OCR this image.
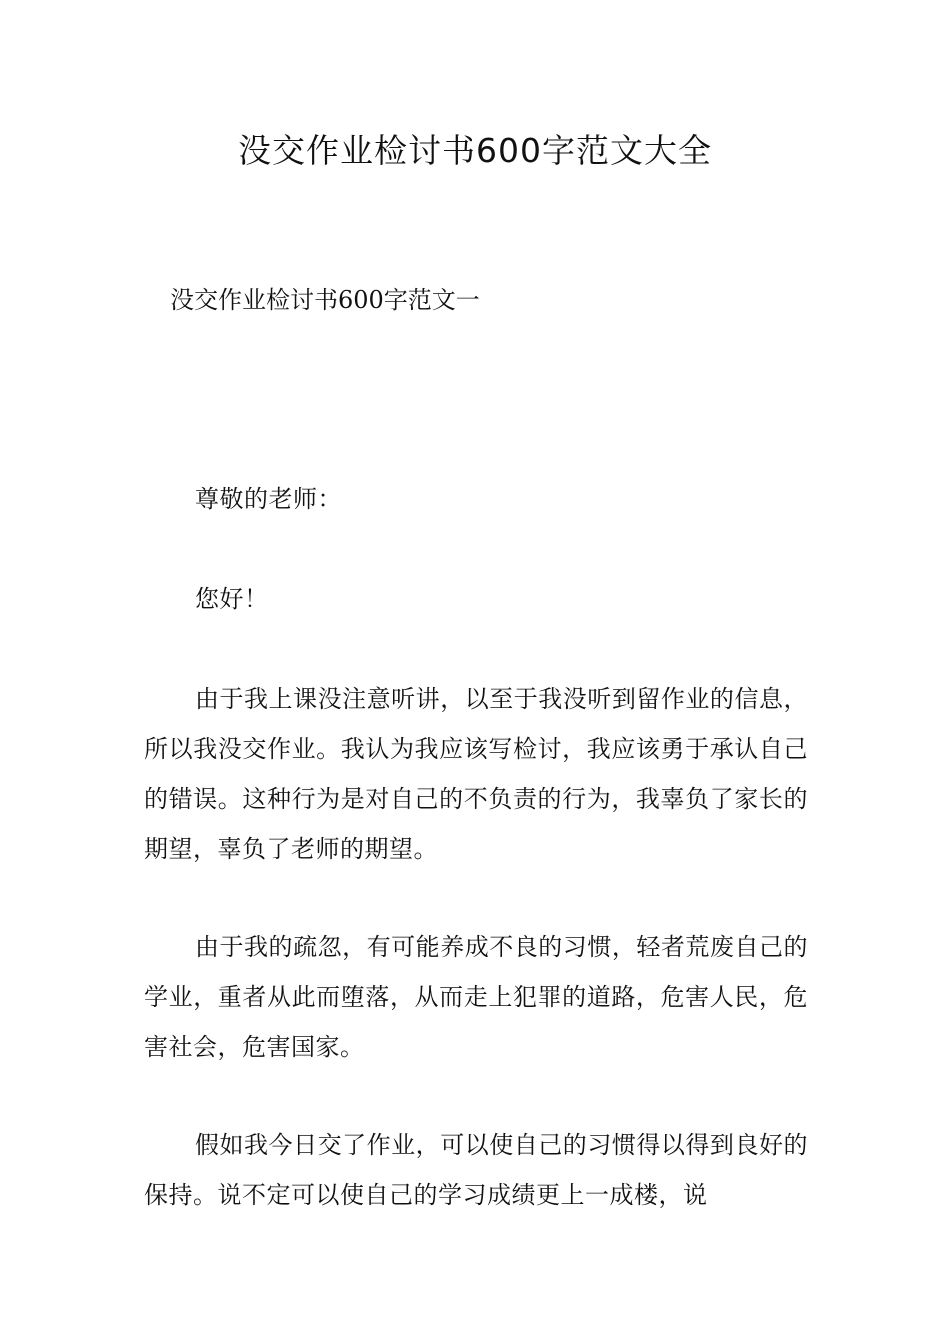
没交作业检讨书600字范文大全
没交作业检讨书600字范文一

尊敬的老师：

您好！

由于我上课没注意听讲，以至于我没听到留作业的信息，所以我没交作业。我认为我应该写检讨，我应该勇于承认自己的错误。这种行为是对自己的不负责的行为，我辜负了家长的期望，辜负了老师的期望。

由于我的疏忽，有可能养成不良的习惯，轻者荒废自己的学业，重者从此而堕落，从而走上犯罪的道路，危害人民，危害社会，危害国家。

假如我今日交了作业，可以使自己的习惯得以得到良好的保持。说不定可以使自己的学习成绩更上一成楼，说
